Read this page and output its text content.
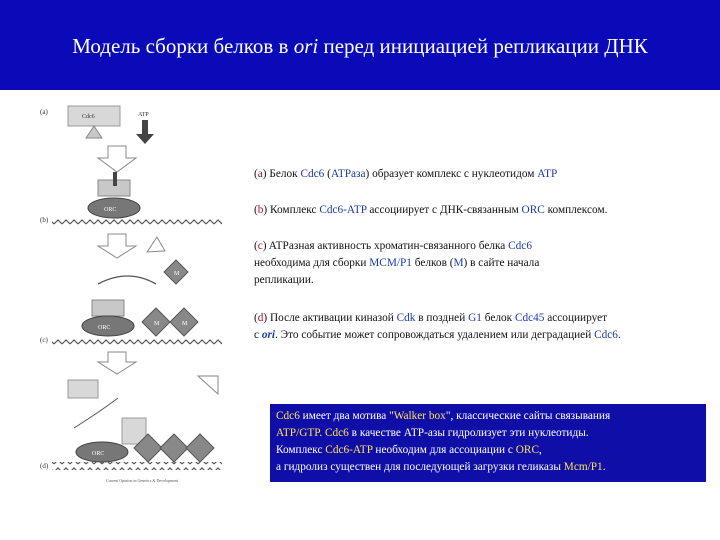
Модель сборки белков в ori перед инициацией репликации ДНК
(a)
Cdc6	ATP
ORC
(b)
M
ORC
M	M
(c)
ORC
(d)
Current Opinion in Genetics & Development
(a) Белок Cdc6 (ATPаза) образует комплекс с нуклеотидом ATP
(b) Комплекс Cdc6-ATP ассоциирует с ДНК-связанным ORC комплексом.
(c) ATPазная активность хроматин-связанного белка Cdc6
необходима для сборки MCM/P1 белков (M) в сайте начала
репликации.
(d) После активации киназой Cdk в поздней G1 белок Cdc45 ассоциирует
с ori. Это событие может сопровождаться удалением или деградацией Cdc6.
Cdc6 имеет два мотива "Walker box", классические сайты связывания
ATP/GTP. Cdc6 в качестве АТР-азы гидролизует эти нуклеотиды.
Комплекс Cdc6-ATP необходим для ассоциации с ORC,
а гидролиз существен для последующей загрузки геликазы Mcm/P1.
